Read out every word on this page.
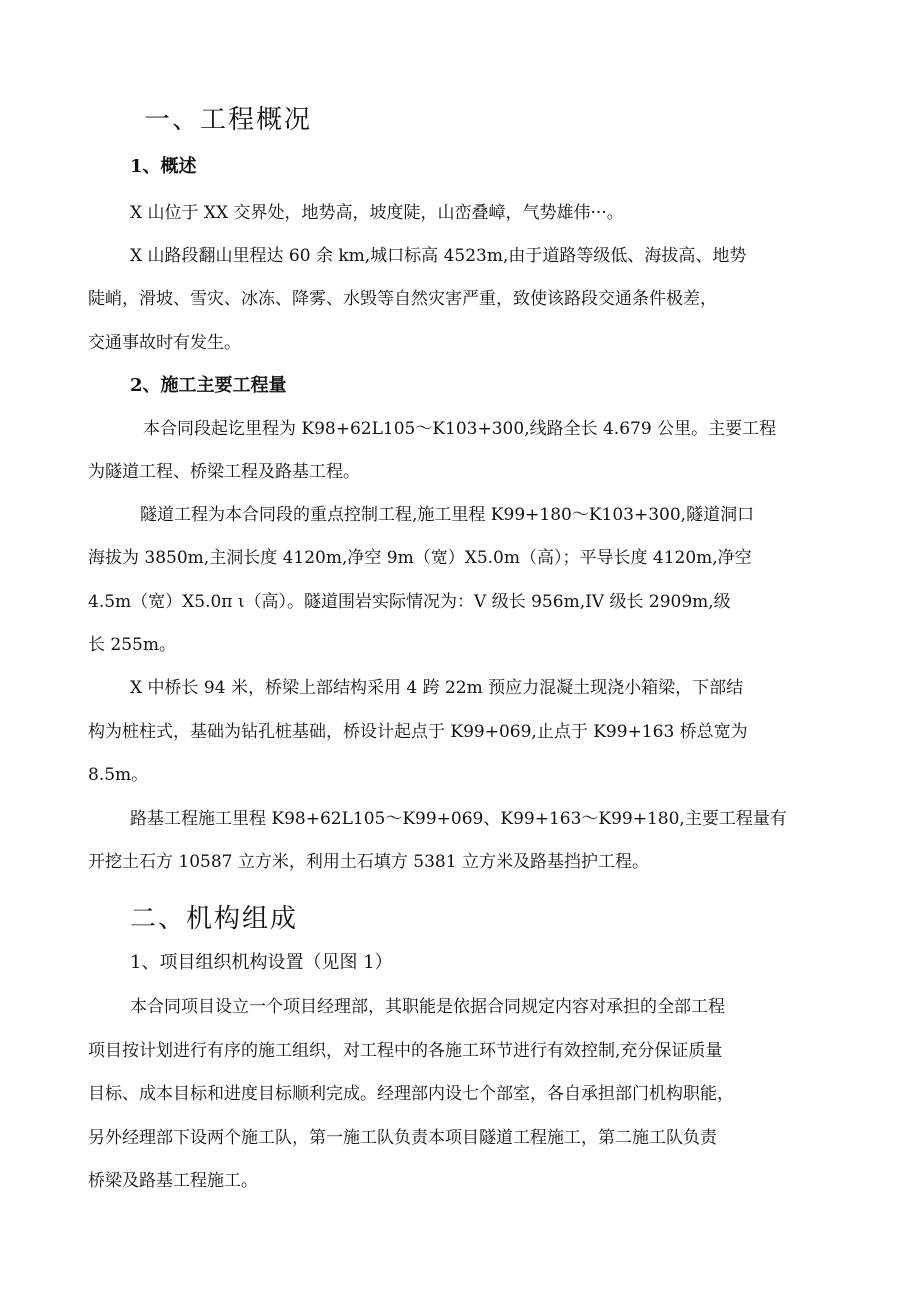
一、工程概况
1、概述
X 山位于 XX 交界处，地势高，坡度陡，山峦叠嶂，气势雄伟···。
X 山路段翻山里程达 60 余 km,城口标高 4523m,由于道路等级低、海拔高、地势
陡峭，滑坡、雪灾、冰冻、降雾、水毁等自然灾害严重，致使该路段交通条件极差，
交通事故时有发生。
2、施工主要工程量
本合同段起讫里程为 K98+62L105～K103+300,线路全长 4.679 公里。主要工程
为隧道工程、桥梁工程及路基工程。
隧道工程为本合同段的重点控制工程,施工里程 K99+180～K103+300,隧道洞口
海拔为 3850m,主洞长度 4120m,净空 9m（宽）X5.0m（高）；平导长度 4120m,净空
4.5m（宽）X5.0π ι（高）。隧道围岩实际情况为：V 级长 956m,IV 级长 2909m,级
长 255m。
X 中桥长 94 米，桥梁上部结构采用 4 跨 22m 预应力混凝土现浇小箱梁，下部结
构为桩柱式，基础为钻孔桩基础，桥设计起点于 K99+069,止点于 K99+163 桥总宽为
8.5m。
路基工程施工里程 K98+62L105～K99+069、K99+163～K99+180,主要工程量有
开挖土石方 10587 立方米，利用土石填方 5381 立方米及路基挡护工程。
二、机构组成
1、项目组织机构设置（见图 1）
本合同项目设立一个项目经理部，其职能是依据合同规定内容对承担的全部工程
项目按计划进行有序的施工组织，对工程中的各施工环节进行有效控制,充分保证质量
目标、成本目标和进度目标顺利完成。经理部内设七个部室，各自承担部门机构职能，
另外经理部下设两个施工队，第一施工队负责本项目隧道工程施工，第二施工队负责
桥梁及路基工程施工。
